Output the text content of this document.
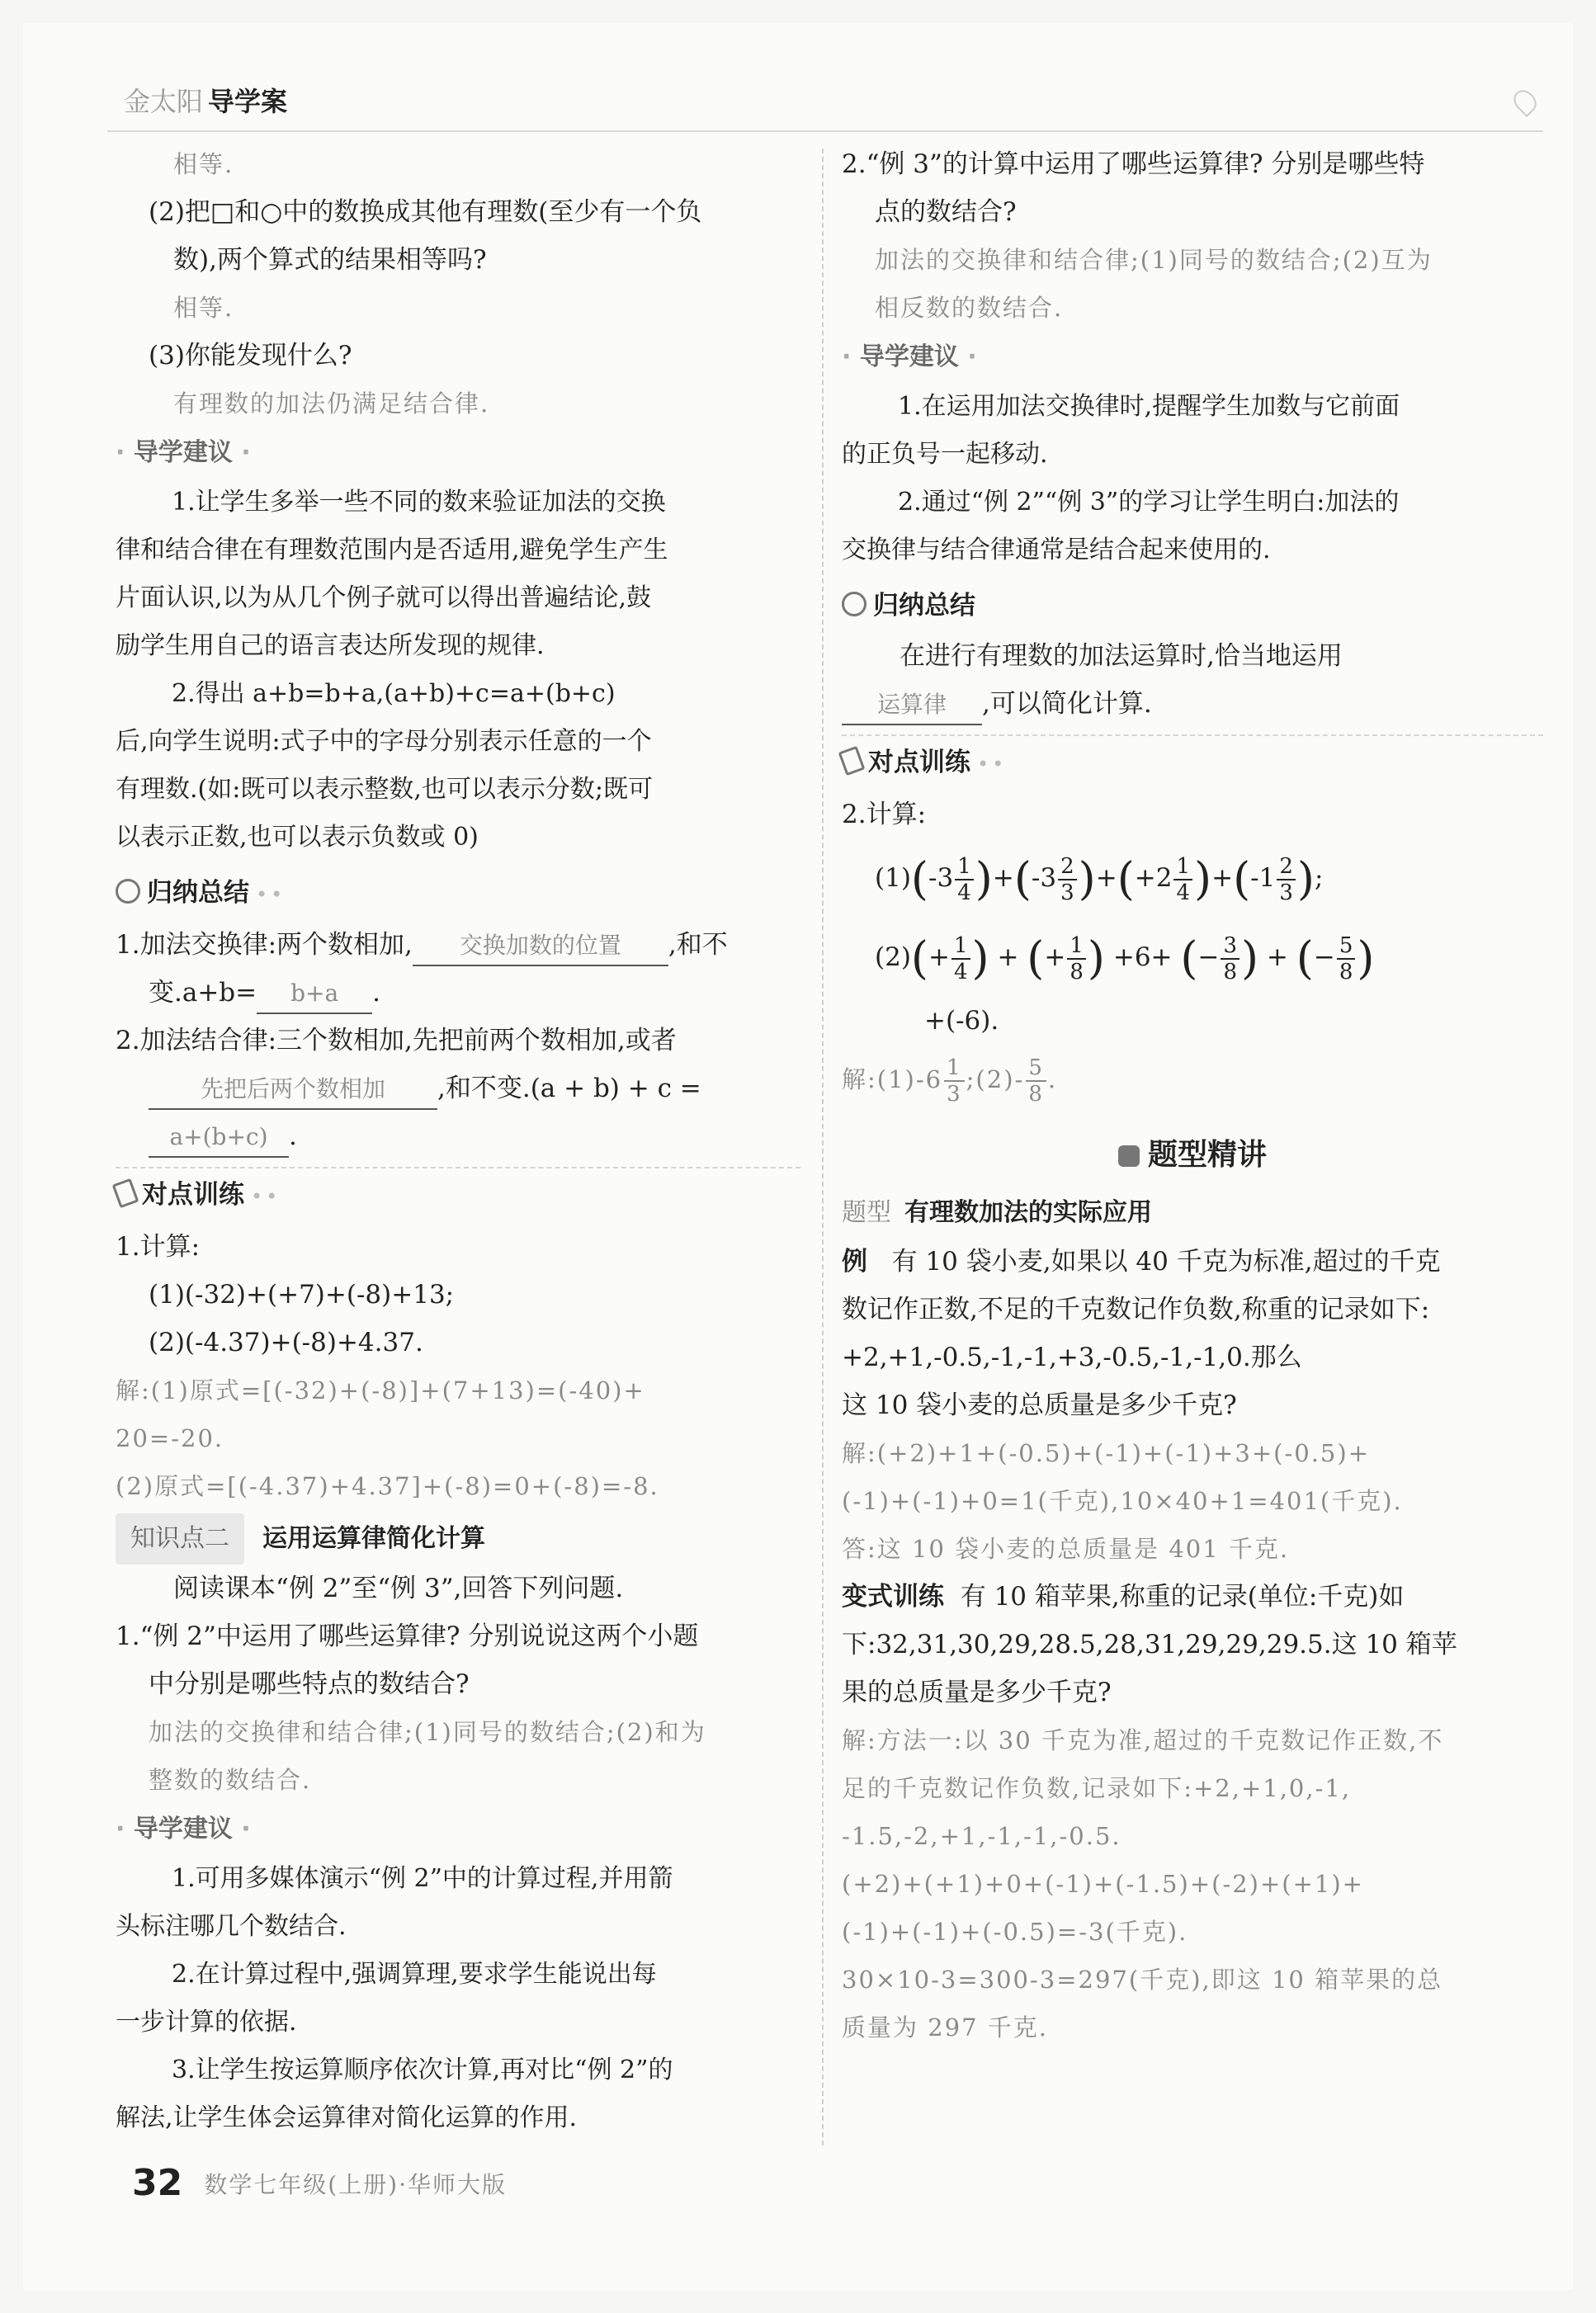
金太阳 导学案
相等.
(2)把□和○中的数换成其他有理数(至少有一个负
数),两个算式的结果相等吗?
相等.
(3)你能发现什么?
有理数的加法仍满足结合律.
· 导学建议 ·
1.让学生多举一些不同的数来验证加法的交换
律和结合律在有理数范围内是否适用,避免学生产生
片面认识,以为从几个例子就可以得出普遍结论,鼓
励学生用自己的语言表达所发现的规律.
2.得出 a+b=b+a,(a+b)+c=a+(b+c)
后,向学生说明:式子中的字母分别表示任意的一个
有理数.(如:既可以表示整数,也可以表示分数;既可
以表示正数,也可以表示负数或 0)
归纳总结 ••
1.加法交换律:两个数相加, 交换加数的位置 ,和不
变.a+b= b+a .
2.加法结合律:三个数相加,先把前两个数相加,或者
先把后两个数相加 ,和不变.(a + b) + c =
a+(b+c) .
对点训练 ••
1.计算:
(1)(-32)+(+7)+(-8)+13;
(2)(-4.37)+(-8)+4.37.
解:(1)原式=[(-32)+(-8)]+(7+13)=(-40)+
20=-20.
(2)原式=[(-4.37)+4.37]+(-8)=0+(-8)=-8.
知识点二 运用运算律简化计算
阅读课本“例 2”至“例 3”,回答下列问题.
1.“例 2”中运用了哪些运算律? 分别说说这两个小题
中分别是哪些特点的数结合?
加法的交换律和结合律;(1)同号的数结合;(2)和为
整数的数结合.
· 导学建议 ·
1.可用多媒体演示“例 2”中的计算过程,并用箭
头标注哪几个数结合.
2.在计算过程中,强调算理,要求学生能说出每
一步计算的依据.
3.让学生按运算顺序依次计算,再对比“例 2”的
解法,让学生体会运算律对简化运算的作用.
2.“例 3”的计算中运用了哪些运算律? 分别是哪些特
点的数结合?
加法的交换律和结合律;(1)同号的数结合;(2)互为
相反数的数结合.
· 导学建议 ·
1.在运用加法交换律时,提醒学生加数与它前面
的正负号一起移动.
2.通过“例 2”“例 3”的学习让学生明白:加法的
交换律与结合律通常是结合起来使用的.
归纳总结
在进行有理数的加法运算时,恰当地运用
运算律 ,可以简化计算.
对点训练 ••
2.计算:
$(1)(-3 \frac{1}{4} )+(-3 \frac{2}{3} )+(+2 \frac{1}{4} )+(-1 \frac{2}{3}$ );
$(2)(+ \frac{1}{4}$ ) + (+ $\frac{1}{8}$ ) +6+ (− $\frac{3}{8}$ ) + (− $\frac{5}{8}$ )
+(-6).
解:(1)-6 $\frac{1}{3}$ ;(2)- $\frac{5}{8}$ .
题型精讲
题型 有理数加法的实际应用
例 有 10 袋小麦,如果以 40 千克为标准,超过的千克
数记作正数,不足的千克数记作负数,称重的记录如下:
+2,+1,-0.5,-1,-1,+3,-0.5,-1,-1,0.那么
这 10 袋小麦的总质量是多少千克?
解:(+2)+1+(-0.5)+(-1)+(-1)+3+(-0.5)+
(-1)+(-1)+0=1(千克),10×40+1=401(千克).
答:这 10 袋小麦的总质量是 401 千克.
变式训练 有 10 箱苹果,称重的记录(单位:千克)如
下:32,31,30,29,28.5,28,31,29,29,29.5.这 10 箱苹
果的总质量是多少千克?
解:方法一:以 30 千克为准,超过的千克数记作正数,不
足的千克数记作负数,记录如下:+2,+1,0,-1,
-1.5,-2,+1,-1,-1,-0.5.
(+2)+(+1)+0+(-1)+(-1.5)+(-2)+(+1)+
(-1)+(-1)+(-0.5)=-3(千克).
30×10-3=300-3=297(千克),即这 10 箱苹果的总
质量为 297 千克.
32 数学七年级(上册)·华师大版
